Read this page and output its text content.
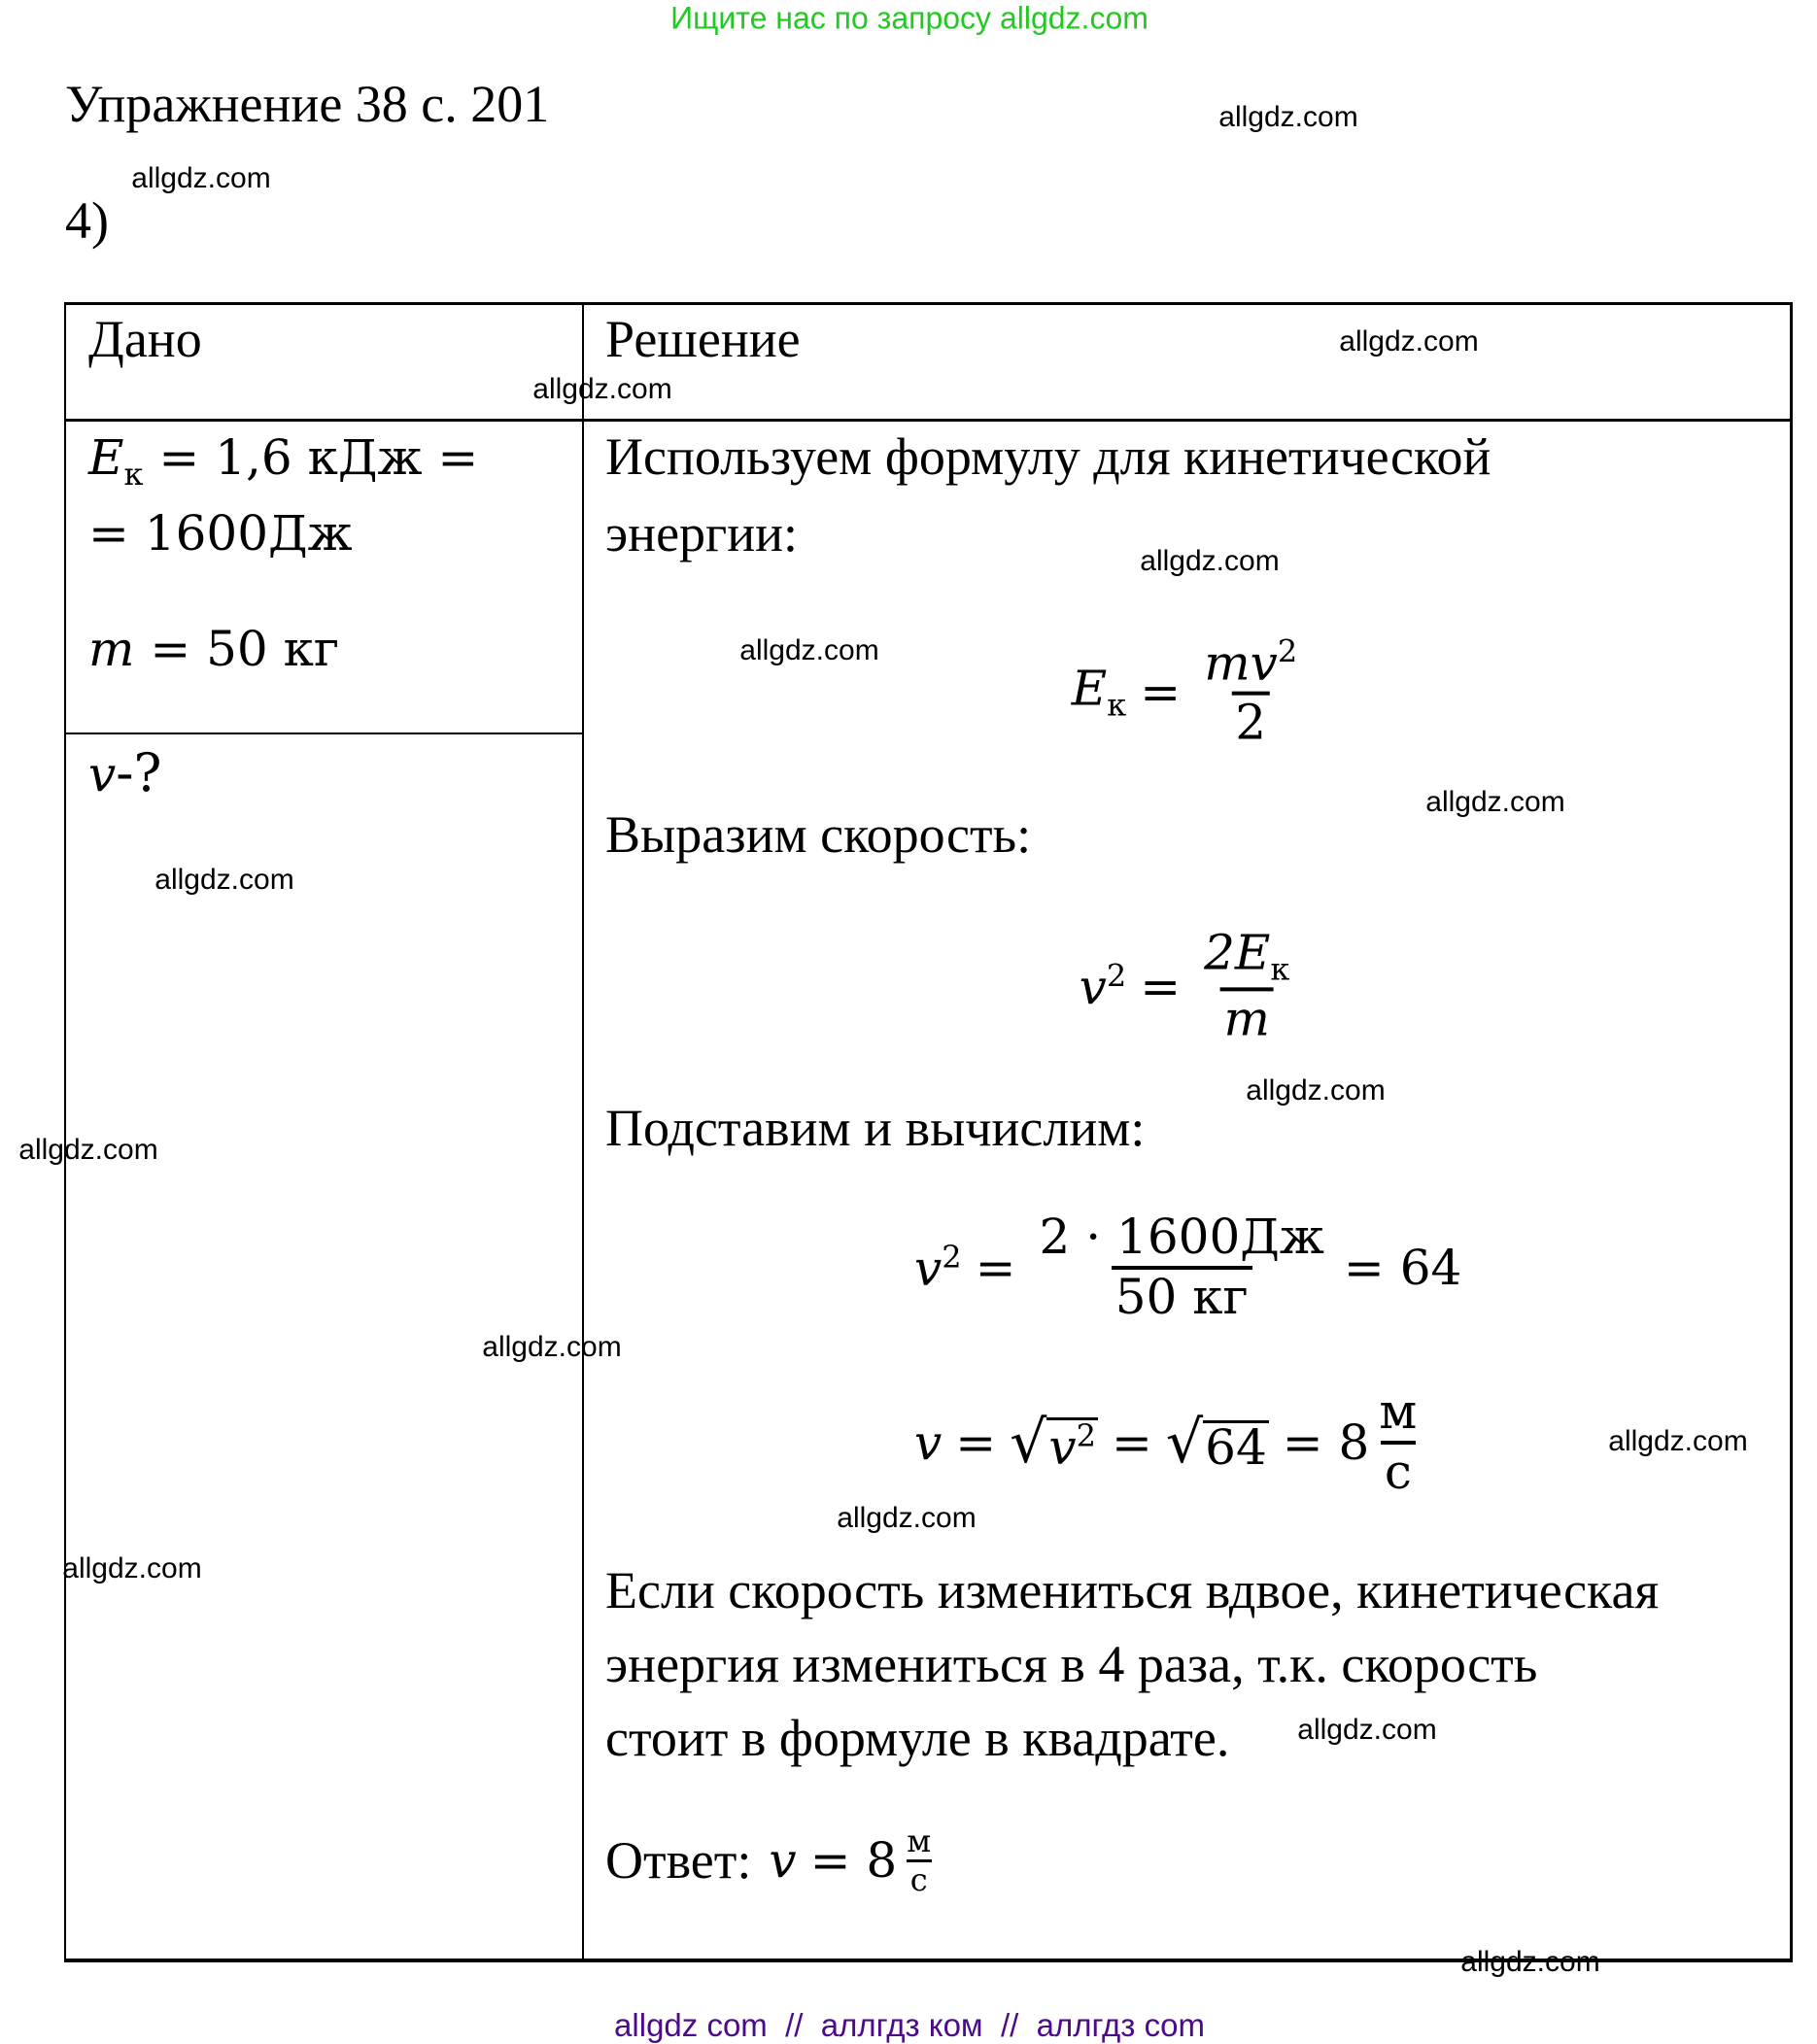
Ищите нас по запросу allgdz.com
Упражнение 38 с. 201
4)
Дано	Решение
$E_к = 1,6$ кДж =
= 1600Дж
m = 50 кг
v-?
Используем формулу для кинетической
энергии:
$E_к = \frac{mv^2}{2}$
Выразим скорость:
$v^2 = \frac{2E_к}{m}$
Подставим и вычислим:
$v^2 = \frac{2 \cdot 1600Дж}{50 кг} = 64$
v = √ $v^2$ = √ $64 = 8 \frac{м}{с}$
Если скорость измениться вдвое, кинетическая
энергия измениться в 4 раза, т.к. скорость
стоит в формуле в квадрате.
Ответ: $v = 8 \frac{м}{с}$
allgdz.com
allgdz.com
allgdz.com
allgdz.com
allgdz.com
allgdz.com
allgdz.com
allgdz.com
allgdz.com
allgdz.com
allgdz.com
allgdz.com
allgdz.com
allgdz.com
allgdz.com
allgdz.com
allgdz com  //  аллгдз ком  //  аллгдз com
